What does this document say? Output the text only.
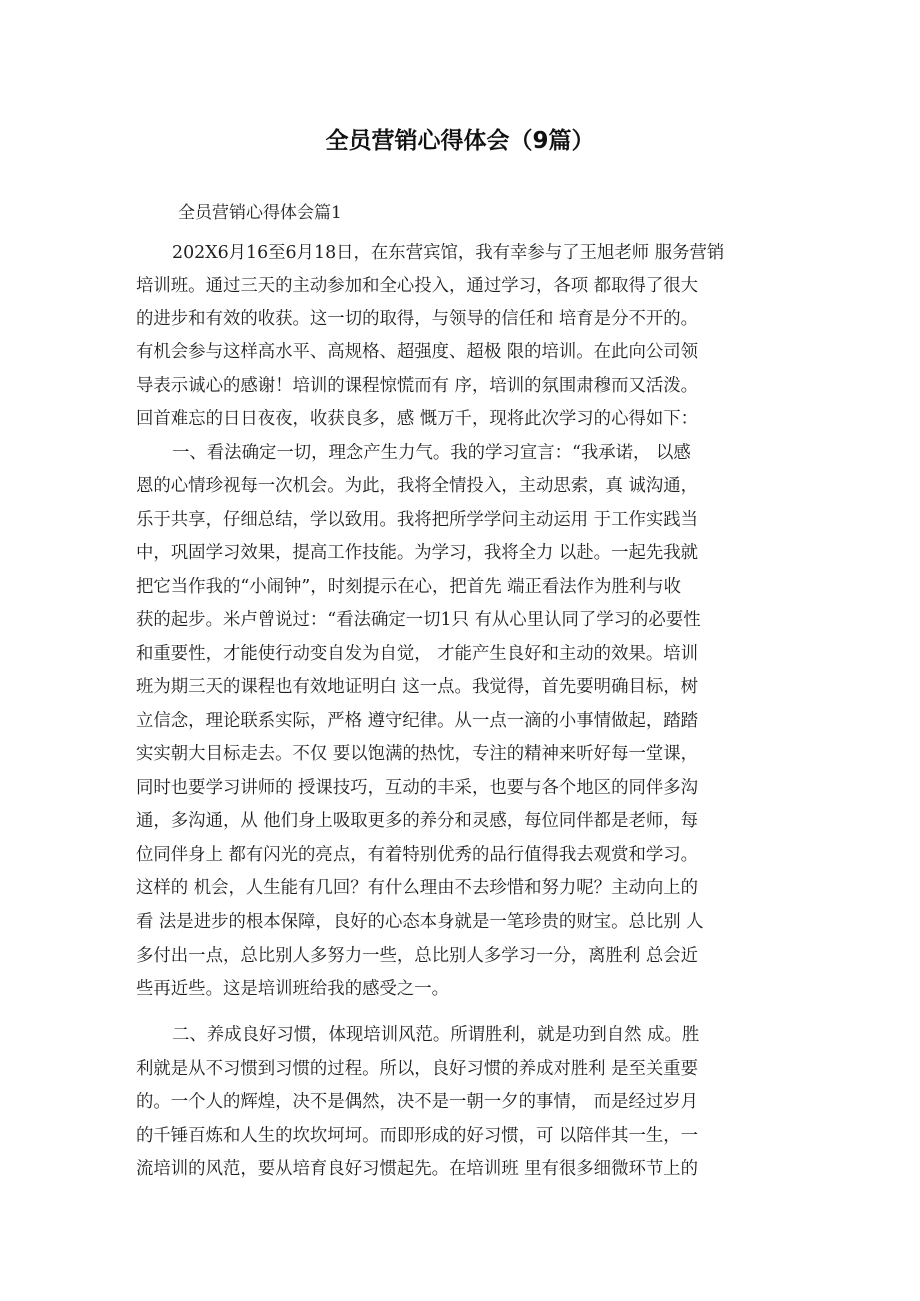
全员营销心得体会（9篇）
全员营销心得体会篇1
202X6月16至6月18日，在东营宾馆，我有幸参与了王旭老师 服务营销
培训班。通过三天的主动参加和全心投入，通过学习，各项 都取得了很大
的进步和有效的收获。这一切的取得，与领导的信任和 培育是分不开的。
有机会参与这样高水平、高规格、超强度、超极 限的培训。在此向公司领
导表示诚心的感谢！培训的课程惊慌而有 序，培训的氛围肃穆而又活泼。
回首难忘的日日夜夜，收获良多，感 慨万千，现将此次学习的心得如下：
一、看法确定一切，理念产生力气。我的学习宣言：“我承诺， 以感
恩的心情珍视每一次机会。为此，我将全情投入，主动思索，真 诚沟通，
乐于共享，仔细总结，学以致用。我将把所学学问主动运用 于工作实践当
中，巩固学习效果，提高工作技能。为学习，我将全力 以赴。一起先我就
把它当作我的“小闹钟”，时刻提示在心，把首先 端正看法作为胜利与收
获的起步。米卢曾说过：“看法确定一切1只 有从心里认同了学习的必要性
和重要性，才能使行动变自发为自觉， 才能产生良好和主动的效果。培训
班为期三天的课程也有效地证明白 这一点。我觉得，首先要明确目标，树
立信念，理论联系实际，严格 遵守纪律。从一点一滴的小事情做起，踏踏
实实朝大目标走去。不仅 要以饱满的热忱，专注的精神来听好每一堂课，
同时也要学习讲师的 授课技巧，互动的丰采，也要与各个地区的同伴多沟
通，多沟通，从 他们身上吸取更多的养分和灵感，每位同伴都是老师，每
位同伴身上 都有闪光的亮点，有着特别优秀的品行值得我去观赏和学习。
这样的 机会，人生能有几回？有什么理由不去珍惜和努力呢？主动向上的
看 法是进步的根本保障，良好的心态本身就是一笔珍贵的财宝。总比别 人
多付出一点，总比别人多努力一些，总比别人多学习一分，离胜利 总会近
些再近些。这是培训班给我的感受之一。
二、养成良好习惯，体现培训风范。所谓胜利，就是功到自然 成。胜
利就是从不习惯到习惯的过程。所以，良好习惯的养成对胜利 是至关重要
的。一个人的辉煌，决不是偶然，决不是一朝一夕的事情， 而是经过岁月
的千锤百炼和人生的坎坎坷坷。而即形成的好习惯，可 以陪伴其一生，一
流培训的风范，要从培育良好习惯起先。在培训班 里有很多细微环节上的
